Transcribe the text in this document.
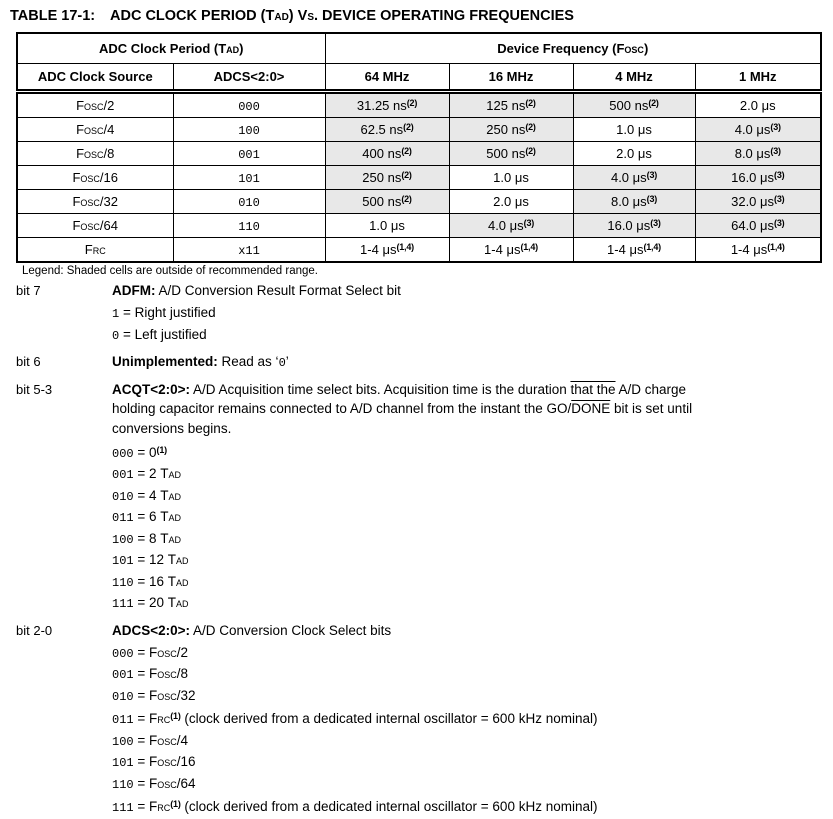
TABLE 17-1:	ADC CLOCK PERIOD (Tad) Vs. DEVICE OPERATING FREQUENCIES
ADC Clock Period (Tad)		Device Frequency (Fosc)			
ADC Clock Source	ADCS<2:0>	64 MHz	16 MHz	4 MHz	1 MHz
Fosc/2	000	31.25 $ns^{(2)}$	125 $ns^{(2)}$	500 $ns^{(2)}$	2.0 μs
Fosc/4	100	62.5 $ns^{(2)}$	250 $ns^{(2)}$	1.0 μs	4.0 $\mu s^{(3)}$
Fosc/8	001	400 $ns^{(2)}$	500 $ns^{(2)}$	2.0 μs	8.0 $\mu s^{(3)}$
Fosc/16	101	250 $ns^{(2)}$	1.0 μs	4.0 $\mu s^{(3)}$	16.0 $\mu s^{(3)}$
Fosc/32	010	500 $ns^{(2)}$	2.0 μs	8.0 $\mu s^{(3)}$	32.0 $\mu s^{(3)}$
Fosc/64	110	1.0 μs	4.0 $\mu s^{(3)}$	16.0 $\mu s^{(3)}$	64.0 $\mu s^{(3)}$
Frc	x11	1-4 μs$^{(1,4)}$	1-4 μs$^{(1,4)}$	1-4 μs$^{(1,4)}$	1-4 μs$^{(1,4)}$
Legend: Shaded cells are outside of recommended range.
bit 7	ADFM: A/D Conversion Result Format Select bit
1 = Right justified
0 = Left justified
bit 6	Unimplemented: Read as ‘0’
bit 5-3	ACQT<2:0>: A/D Acquisition time select bits. Acquisition time is the duration that the A/D charge
holding capacitor remains connected to A/D channel from the instant the GO/DONE bit is set until
conversions begins.
$000 = 0^{(1)}$
001 = 2 Tad
010 = 4 Tad
011 = 6 Tad
100 = 8 Tad
101 = 12 Tad
110 = 16 Tad
111 = 20 Tad
bit 2-0	ADCS<2:0>: A/D Conversion Clock Select bits
000 = Fosc/2
001 = Fosc/8
010 = Fosc/32
011 = Frc$^{(1)}$ (clock derived from a dedicated internal oscillator = 600 kHz nominal)
100 = Fosc/4
101 = Fosc/16
110 = Fosc/64
111 = Frc$^{(1)}$ (clock derived from a dedicated internal oscillator = 600 kHz nominal)
